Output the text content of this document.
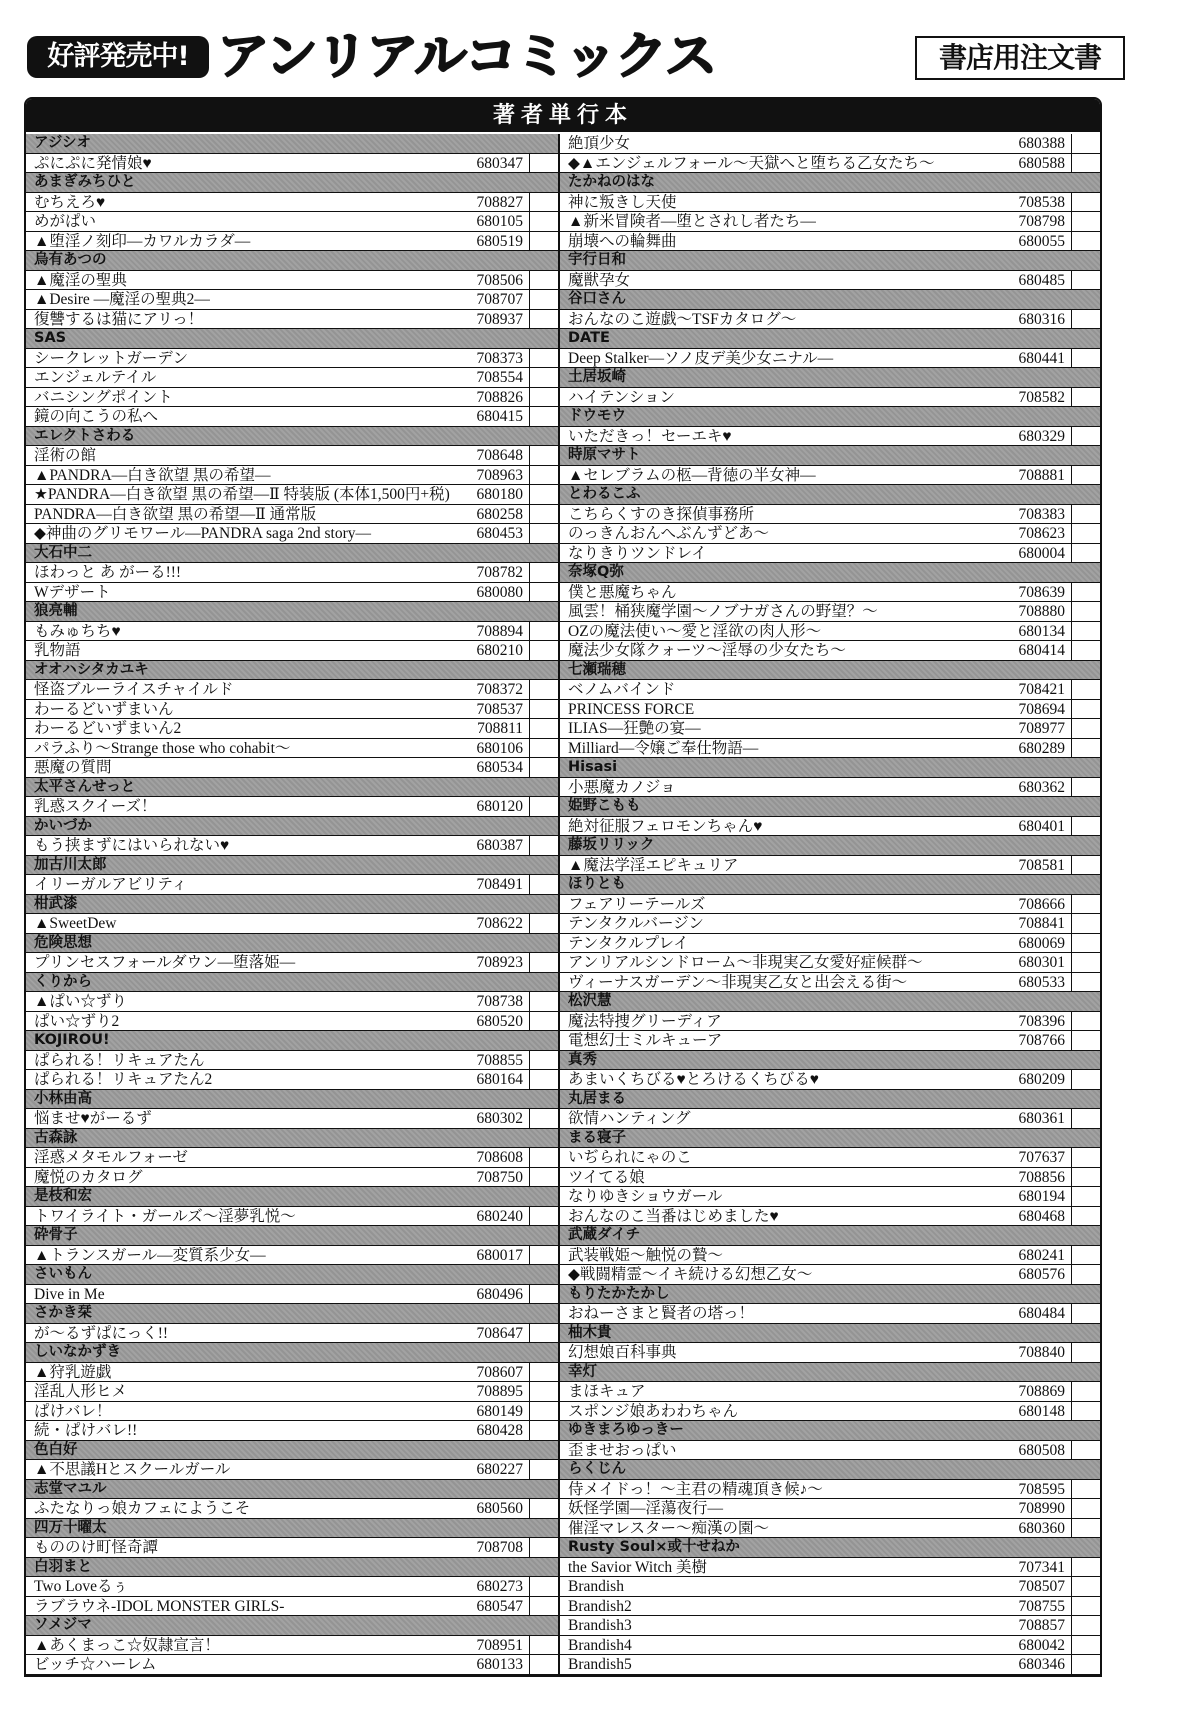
好評発売中! アンリアルコミックス	書店用注文書
著者単行本
アジシオ
ぷにぷに発情娘♥	680347
あまぎみちひと
むちえろ♥	708827
めがぱい	680105
▲堕淫ノ刻印—カワルカラダ—	680519
烏有あつの
▲魔淫の聖典	708506
▲Desire —魔淫の聖典2—	708707
復讐するは猫にアリっ！	708937
SAS
シークレットガーデン	708373
エンジェルテイル	708554
バニシングポイント	708826
鏡の向こうの私へ	680415
エレクトさわる
淫術の館	708648
▲PANDRA—白き欲望 黒の希望—	708963
★PANDRA—白き欲望 黒の希望—Ⅱ 特装版 (本体1,500円+税)	680180
PANDRA—白き欲望 黒の希望—Ⅱ 通常版	680258
◆神曲のグリモワール—PANDRA saga 2nd story—	680453
大石中二
ほわっと あ がーる!!!	708782
Wデザート	680080
狼亮輔
もみゅちち♥	708894
乳物語	680210
オオハシタカユキ
怪盗ブルーライスチャイルド	708372
わーるどいずまいん	708537
わーるどいずまいん2	708811
パラふり～Strange those who cohabit～	680106
悪魔の質問	680534
太平さんせっと
乳惑スクイーズ！	680120
かいづか
もう挟まずにはいられない♥	680387
加古川太郎
イリーガルアビリティ	708491
柑武漆
▲SweetDew	708622
危険思想
プリンセスフォールダウン—堕落姫—	708923
くりから
▲ぱい☆ずり	708738
ぱい☆ずり2	680520
KOJIROU!
ぱられる！リキュアたん	708855
ぱられる！リキュアたん2	680164
小林由高
悩ませ♥がーるず	680302
古森詠
淫惑メタモルフォーゼ	708608
魔悦のカタログ	708750
是枝和宏
トワイライト・ガールズ～淫夢乳悦～	680240
砕骨子
▲トランスガール—変質系少女—	680017
さいもん
Dive in Me	680496
さかき栞
が～るずぱにっく!!	708647
しいなかずき
▲狩乳遊戯	708607
淫乱人形ヒメ	708895
ぱけバレ！	680149
続・ぱけバレ!!	680428
色白好
▲不思議Hとスクールガール	680227
志堂マユル
ふたなりっ娘カフェにようこそ	680560
四万十曜太
もののけ町怪奇譚	708708
白羽まと
Two Loveるぅ	680273
ラブラウネ-IDOL MONSTER GIRLS-	680547
ソメジマ
▲あくまっこ☆奴隷宣言！	708951
ビッチ☆ハーレム	680133
絶頂少女	680388
◆▲エンジェルフォール～天獄へと堕ちる乙女たち～	680588
たかねのはな
神に叛きし天使	708538
▲新米冒険者—堕とされし者たち—	708798
崩壊への輪舞曲	680055
宇行日和
魔獣孕女	680485
谷口さん
おんなのこ遊戯～TSFカタログ～	680316
DATE
Deep Stalker—ソノ皮デ美少女ニナル—	680441
土居坂崎
ハイテンション	708582
ドウモウ
いただきっ！セーエキ♥	680329
時原マサト
▲セレブラムの柩—背徳の半女神—	708881
とわるこふ
こちらくすのき探偵事務所	708383
のっきんおんへぶんずどあ～	708623
なりきりツンドレイ	680004
奈塚Q弥
僕と悪魔ちゃん	708639
風雲！桶狭魔学園～ノブナガさんの野望？～	708880
OZの魔法使い～愛と淫欲の肉人形～	680134
魔法少女隊クォーツ～淫辱の少女たち～	680414
七瀬瑞穂
ベノムバインド	708421
PRINCESS FORCE	708694
ILIAS—狂艶の宴—	708977
Milliard—令嬢ご奉仕物語—	680289
Hisasi
小悪魔カノジョ	680362
姫野こもも
絶対征服フェロモンちゃん♥	680401
藤坂リリック
▲魔法学淫エピキュリア	708581
ほりとも
フェアリーテールズ	708666
テンタクルバージン	708841
テンタクルプレイ	680069
アンリアルシンドローム～非現実乙女愛好症候群～	680301
ヴィーナスガーデン～非現実乙女と出会える街～	680533
松沢慧
魔法特捜グリーディア	708396
電想幻士ミルキューア	708766
真秀
あまいくちびる♥とろけるくちびる♥	680209
丸居まる
欲情ハンティング	680361
まる寝子
いぢられにゃのこ	707637
ツイてる娘	708856
なりゆきショウガール	680194
おんなのこ当番はじめました♥	680468
武蔵ダイチ
武装戦姫～触悦の贄～	680241
◆戦闘精霊～イキ続ける幻想乙女～	680576
もりたかたかし
おねーさまと賢者の塔っ！	680484
柚木貴
幻想娘百科事典	708840
幸灯
まほキュア	708869
スポンジ娘あわわちゃん	680148
ゆきまろゆっきー
歪ませおっぱい	680508
らくじん
侍メイドっ！～主君の精魂頂き候♪～	708595
妖怪学園—淫蕩夜行—	708990
催淫マレスター～痴漢の園～	680360
Rusty Soul×或十せねか
the Savior Witch 美樹	707341
Brandish	708507
Brandish2	708755
Brandish3	708857
Brandish4	680042
Brandish5	680346
